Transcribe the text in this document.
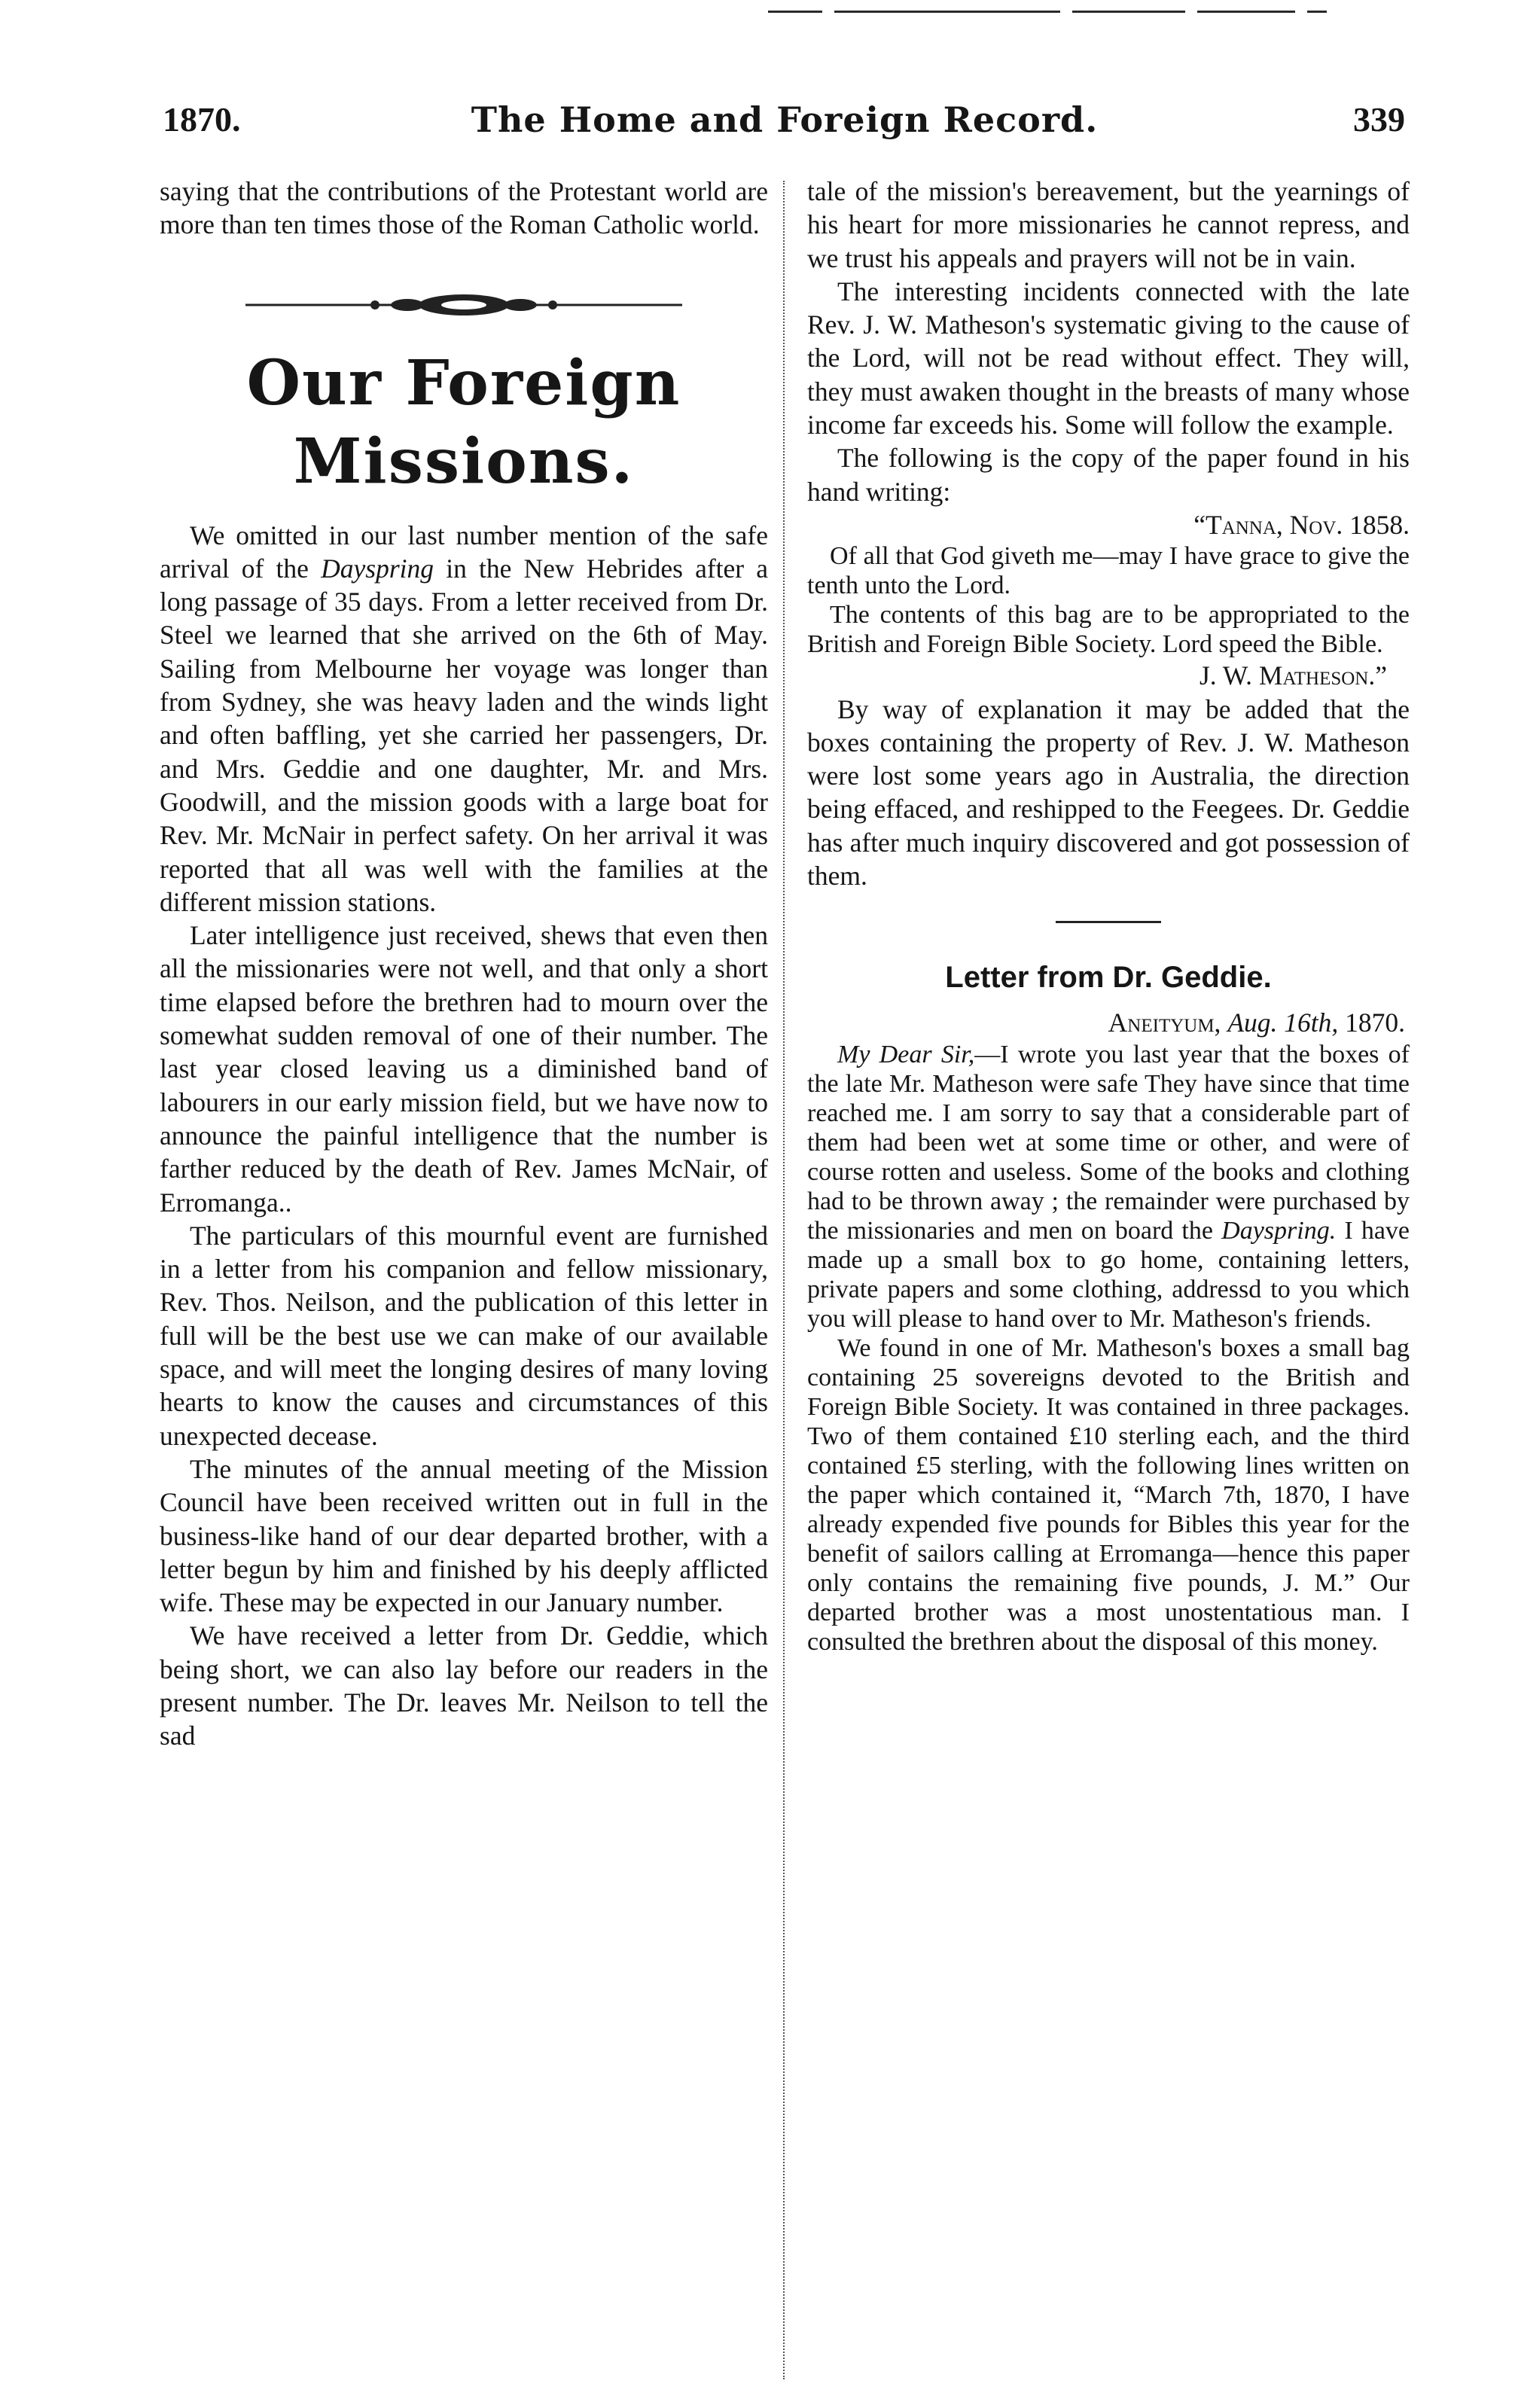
1870.	The Home and Foreign Record.	339

saying that the contributions of the Protestant world are more than ten times those of the Roman Catholic world.

Our Foreign Missions.

We omitted in our last number mention of the safe arrival of the Dayspring in the New Hebrides after a long passage of 35 days. From a letter received from Dr. Steel we learned that she arrived on the 6th of May. Sailing from Melbourne her voyage was longer than from Sydney, she was heavy laden and the winds light and often baffling, yet she carried her passengers, Dr. and Mrs. Geddie and one daughter, Mr. and Mrs. Goodwill, and the mission goods with a large boat for Rev. Mr. McNair in perfect safety. On her arrival it was reported that all was well with the families at the different mission stations.

Later intelligence just received, shews that even then all the missionaries were not well, and that only a short time elapsed before the brethren had to mourn over the somewhat sudden removal of one of their number. The last year closed leaving us a diminished band of labourers in our early mission field, but we have now to announce the painful intelligence that the number is farther reduced by the death of Rev. James McNair, of Erromanga..

The particulars of this mournful event are furnished in a letter from his companion and fellow missionary, Rev. Thos. Neilson, and the publication of this letter in full will be the best use we can make of our available space, and will meet the longing desires of many loving hearts to know the causes and circumstances of this unexpected decease.

The minutes of the annual meeting of the Mission Council have been received written out in full in the business-like hand of our dear departed brother, with a letter begun by him and finished by his deeply afflicted wife. These may be expected in our January number.

We have received a letter from Dr. Geddie, which being short, we can also lay before our readers in the present number. The Dr. leaves Mr. Neilson to tell the sad

tale of the mission's bereavement, but the yearnings of his heart for more missionaries he cannot repress, and we trust his appeals and prayers will not be in vain.

The interesting incidents connected with the late Rev. J. W. Matheson's systematic giving to the cause of the Lord, will not be read without effect. They will, they must awaken thought in the breasts of many whose income far exceeds his. Some will follow the example.

The following is the copy of the paper found in his hand writing:

“Tanna, Nov. 1858.

Of all that God giveth me—may I have grace to give the tenth unto the Lord.

The contents of this bag are to be appropriated to the British and Foreign Bible Society. Lord speed the Bible.

J. W. Matheson.”

By way of explanation it may be added that the boxes containing the property of Rev. J. W. Matheson were lost some years ago in Australia, the direction being effaced, and reshipped to the Feegees. Dr. Geddie has after much inquiry discovered and got possession of them.

Letter from Dr. Geddie.

Aneityum, Aug. 16th, 1870.

My Dear Sir,—I wrote you last year that the boxes of the late Mr. Matheson were safe They have since that time reached me. I am sorry to say that a considerable part of them had been wet at some time or other, and were of course rotten and useless. Some of the books and clothing had to be thrown away ; the remainder were purchased by the missionaries and men on board the Dayspring. I have made up a small box to go home, containing letters, private papers and some clothing, addressd to you which you will please to hand over to Mr. Matheson's friends.

We found in one of Mr. Matheson's boxes a small bag containing 25 sovereigns devoted to the British and Foreign Bible Society. It was contained in three packages. Two of them contained £10 sterling each, and the third contained £5 sterling, with the following lines written on the paper which contained it, “March 7th, 1870, I have already expended five pounds for Bibles this year for the benefit of sailors calling at Erromanga—hence this paper only contains the remaining five pounds, J. M.” Our departed brother was a most unostentatious man. I consulted the brethren about the disposal of this money.
